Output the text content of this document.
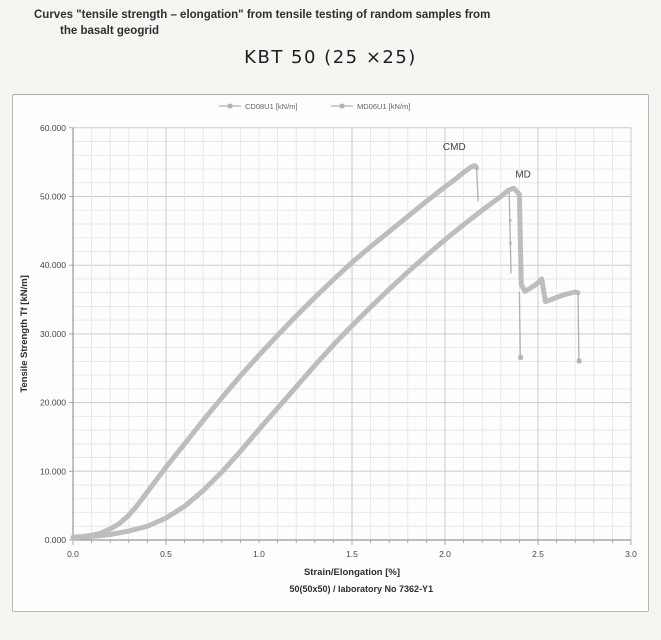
Curves "tensile strength – elongation" from tensile testing of random samples from
the basalt geogrid
KBT 50 (25 ×25)
0.000
10.000
20.000
30.000
40.000
50.000
60.000
0.0	0.5	1.0	1.5	2.0	2.5	3.0
CMD
MD
CD08U1 [kN/m]	MD06U1 [kN/m]
Strain/Elongation [%]
50(50x50) / laboratory No 7362-Y1
Tensile Strength Tf [kN/m]
